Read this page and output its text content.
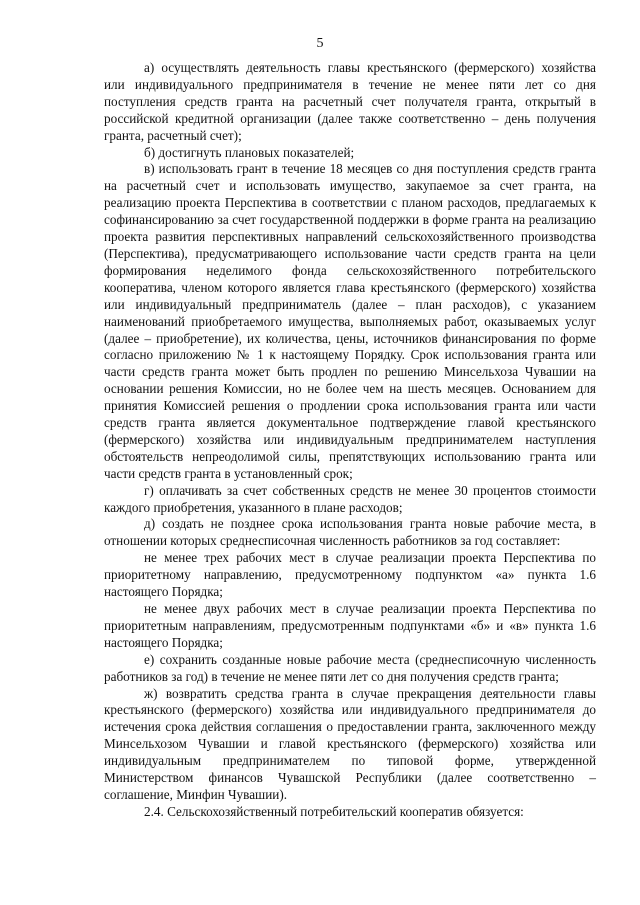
5

а) осуществлять деятельность главы крестьянского (фермерского) хозяйства или индивидуального предпринимателя в течение не менее пяти лет со дня поступления средств гранта на расчетный счет получателя гранта, открытый в российской кредитной организации (далее также соответственно – день получения гранта, расчетный счет);

б) достигнуть плановых показателей;

в) использовать грант в течение 18 месяцев со дня поступления средств гранта на расчетный счет и использовать имущество, закупаемое за счет гранта, на реализацию проекта Перспектива в соответствии с планом расходов, предлагаемых к софинансированию за счет государственной поддержки в форме гранта на реализацию проекта развития перспективных направлений сельскохозяйственного производства (Перспектива), предусматривающего использование части средств гранта на цели формирования неделимого фонда сельскохозяйственного потребительского кооператива, членом которого является глава крестьянского (фермерского) хозяйства или индивидуальный предприниматель (далее – план расходов), с указанием наименований приобретаемого имущества, выполняемых работ, оказываемых услуг (далее – приобретение), их количества, цены, источников финансирования по форме согласно приложению № 1 к настоящему Порядку. Срок использования гранта или части средств гранта может быть продлен по решению Минсельхоза Чувашии на основании решения Комиссии, но не более чем на шесть месяцев. Основанием для принятия Комиссией решения о продлении срока использования гранта или части средств гранта является документальное подтверждение главой крестьянского (фермерского) хозяйства или индивидуальным предпринимателем наступления обстоятельств непреодолимой силы, препятствующих использованию гранта или части средств гранта в установленный срок;

г) оплачивать за счет собственных средств не менее 30 процентов стоимости каждого приобретения, указанного в плане расходов;

д) создать не позднее срока использования гранта новые рабочие места, в отношении которых среднесписочная численность работников за год составляет:

не менее трех рабочих мест в случае реализации проекта Перспектива по приоритетному направлению, предусмотренному подпунктом «а» пункта 1.6 настоящего Порядка;

не менее двух рабочих мест в случае реализации проекта Перспектива по приоритетным направлениям, предусмотренным подпунктами «б» и «в» пункта 1.6 настоящего Порядка;

е) сохранить созданные новые рабочие места (среднесписочную численность работников за год) в течение не менее пяти лет со дня получения средств гранта;

ж) возвратить средства гранта в случае прекращения деятельности главы крестьянского (фермерского) хозяйства или индивидуального предпринимателя до истечения срока действия соглашения о предоставлении гранта, заключенного между Минсельхозом Чувашии и главой крестьянского (фермерского) хозяйства или индивидуальным предпринимателем по типовой форме, утвержденной Министерством финансов Чувашской Республики (далее соответственно – соглашение, Минфин Чувашии).

2.4. Сельскохозяйственный потребительский кооператив обязуется:
